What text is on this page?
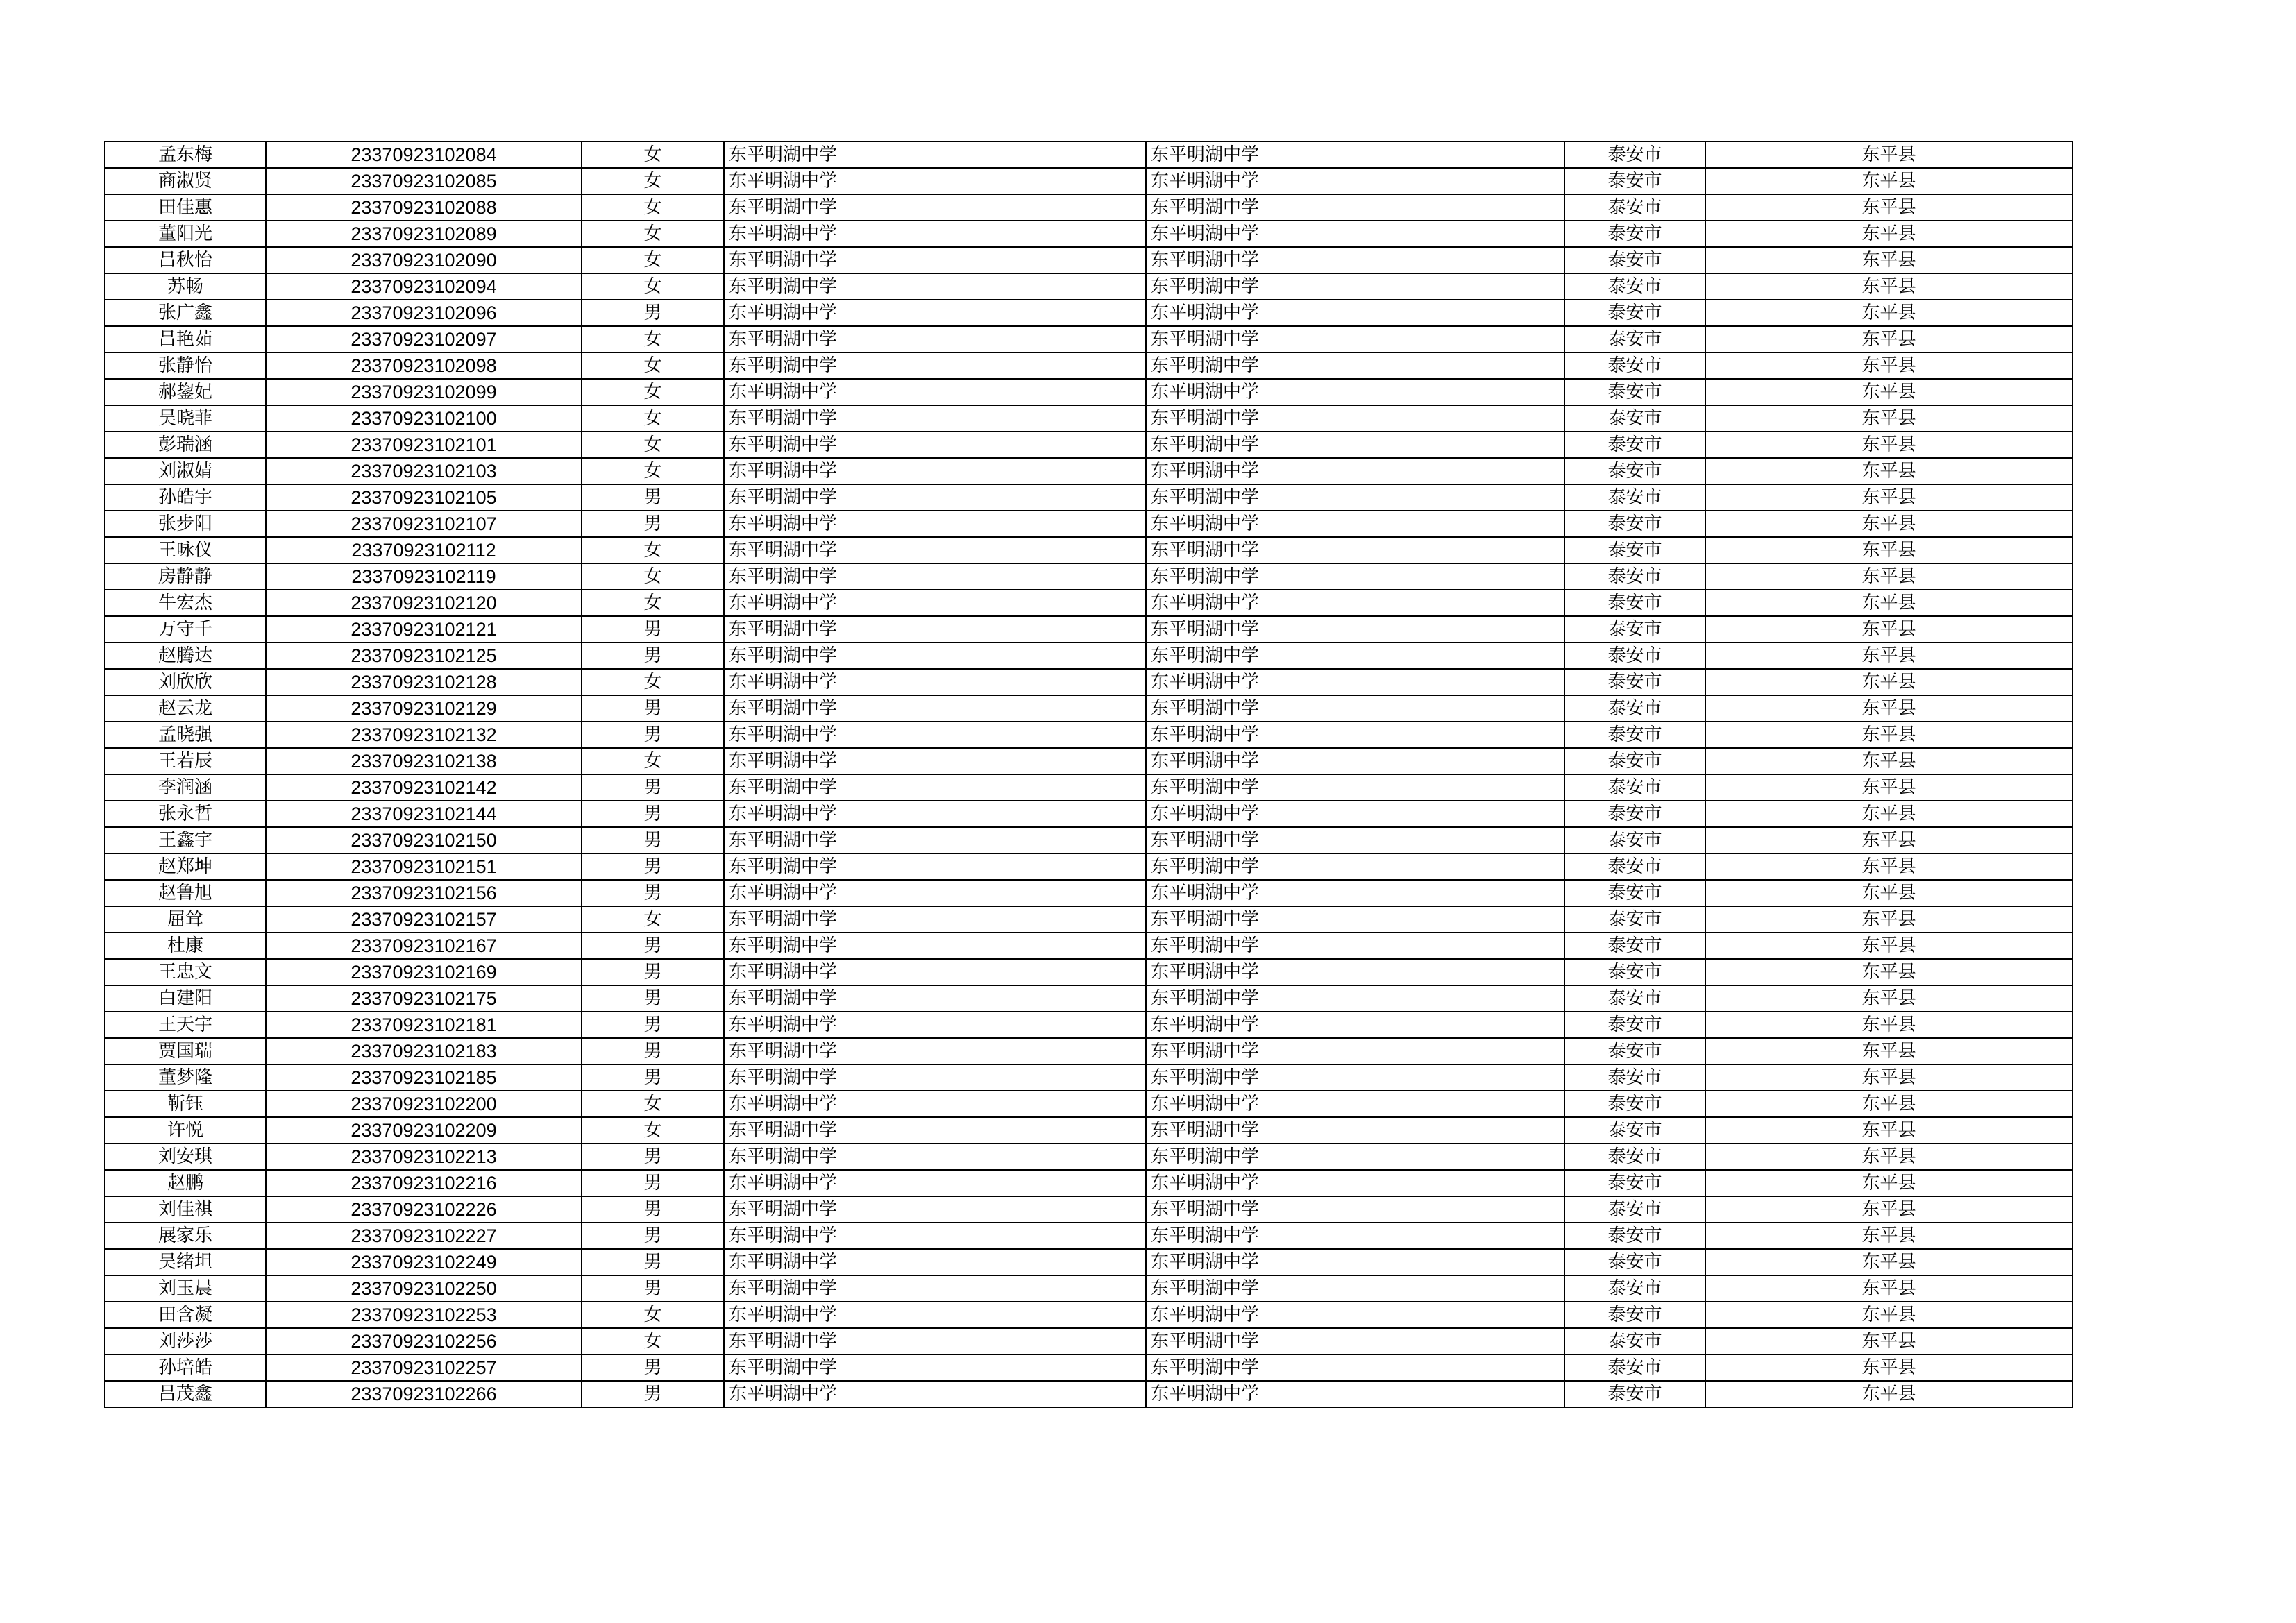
孟东梅	23370923102084	女	东平明湖中学	东平明湖中学	泰安市	东平县
商淑贤	23370923102085	女	东平明湖中学	东平明湖中学	泰安市	东平县
田佳惠	23370923102088	女	东平明湖中学	东平明湖中学	泰安市	东平县
董阳光	23370923102089	女	东平明湖中学	东平明湖中学	泰安市	东平县
吕秋怡	23370923102090	女	东平明湖中学	东平明湖中学	泰安市	东平县
苏畅	23370923102094	女	东平明湖中学	东平明湖中学	泰安市	东平县
张广鑫	23370923102096	男	东平明湖中学	东平明湖中学	泰安市	东平县
吕艳茹	23370923102097	女	东平明湖中学	东平明湖中学	泰安市	东平县
张静怡	23370923102098	女	东平明湖中学	东平明湖中学	泰安市	东平县
郝鋆妃	23370923102099	女	东平明湖中学	东平明湖中学	泰安市	东平县
吴晓菲	23370923102100	女	东平明湖中学	东平明湖中学	泰安市	东平县
彭瑞涵	23370923102101	女	东平明湖中学	东平明湖中学	泰安市	东平县
刘淑婧	23370923102103	女	东平明湖中学	东平明湖中学	泰安市	东平县
孙皓宇	23370923102105	男	东平明湖中学	东平明湖中学	泰安市	东平县
张步阳	23370923102107	男	东平明湖中学	东平明湖中学	泰安市	东平县
王咏仪	23370923102112	女	东平明湖中学	东平明湖中学	泰安市	东平县
房静静	23370923102119	女	东平明湖中学	东平明湖中学	泰安市	东平县
牛宏杰	23370923102120	女	东平明湖中学	东平明湖中学	泰安市	东平县
万守千	23370923102121	男	东平明湖中学	东平明湖中学	泰安市	东平县
赵腾达	23370923102125	男	东平明湖中学	东平明湖中学	泰安市	东平县
刘欣欣	23370923102128	女	东平明湖中学	东平明湖中学	泰安市	东平县
赵云龙	23370923102129	男	东平明湖中学	东平明湖中学	泰安市	东平县
孟晓强	23370923102132	男	东平明湖中学	东平明湖中学	泰安市	东平县
王若辰	23370923102138	女	东平明湖中学	东平明湖中学	泰安市	东平县
李润涵	23370923102142	男	东平明湖中学	东平明湖中学	泰安市	东平县
张永哲	23370923102144	男	东平明湖中学	东平明湖中学	泰安市	东平县
王鑫宇	23370923102150	男	东平明湖中学	东平明湖中学	泰安市	东平县
赵郑坤	23370923102151	男	东平明湖中学	东平明湖中学	泰安市	东平县
赵鲁旭	23370923102156	男	东平明湖中学	东平明湖中学	泰安市	东平县
屈耸	23370923102157	女	东平明湖中学	东平明湖中学	泰安市	东平县
杜康	23370923102167	男	东平明湖中学	东平明湖中学	泰安市	东平县
王忠文	23370923102169	男	东平明湖中学	东平明湖中学	泰安市	东平县
白建阳	23370923102175	男	东平明湖中学	东平明湖中学	泰安市	东平县
王天宇	23370923102181	男	东平明湖中学	东平明湖中学	泰安市	东平县
贾国瑞	23370923102183	男	东平明湖中学	东平明湖中学	泰安市	东平县
董梦隆	23370923102185	男	东平明湖中学	东平明湖中学	泰安市	东平县
靳钰	23370923102200	女	东平明湖中学	东平明湖中学	泰安市	东平县
许悦	23370923102209	女	东平明湖中学	东平明湖中学	泰安市	东平县
刘安琪	23370923102213	男	东平明湖中学	东平明湖中学	泰安市	东平县
赵鹏	23370923102216	男	东平明湖中学	东平明湖中学	泰安市	东平县
刘佳祺	23370923102226	男	东平明湖中学	东平明湖中学	泰安市	东平县
展家乐	23370923102227	男	东平明湖中学	东平明湖中学	泰安市	东平县
吴绪坦	23370923102249	男	东平明湖中学	东平明湖中学	泰安市	东平县
刘玉晨	23370923102250	男	东平明湖中学	东平明湖中学	泰安市	东平县
田含凝	23370923102253	女	东平明湖中学	东平明湖中学	泰安市	东平县
刘莎莎	23370923102256	女	东平明湖中学	东平明湖中学	泰安市	东平县
孙培皓	23370923102257	男	东平明湖中学	东平明湖中学	泰安市	东平县
吕茂鑫	23370923102266	男	东平明湖中学	东平明湖中学	泰安市	东平县
